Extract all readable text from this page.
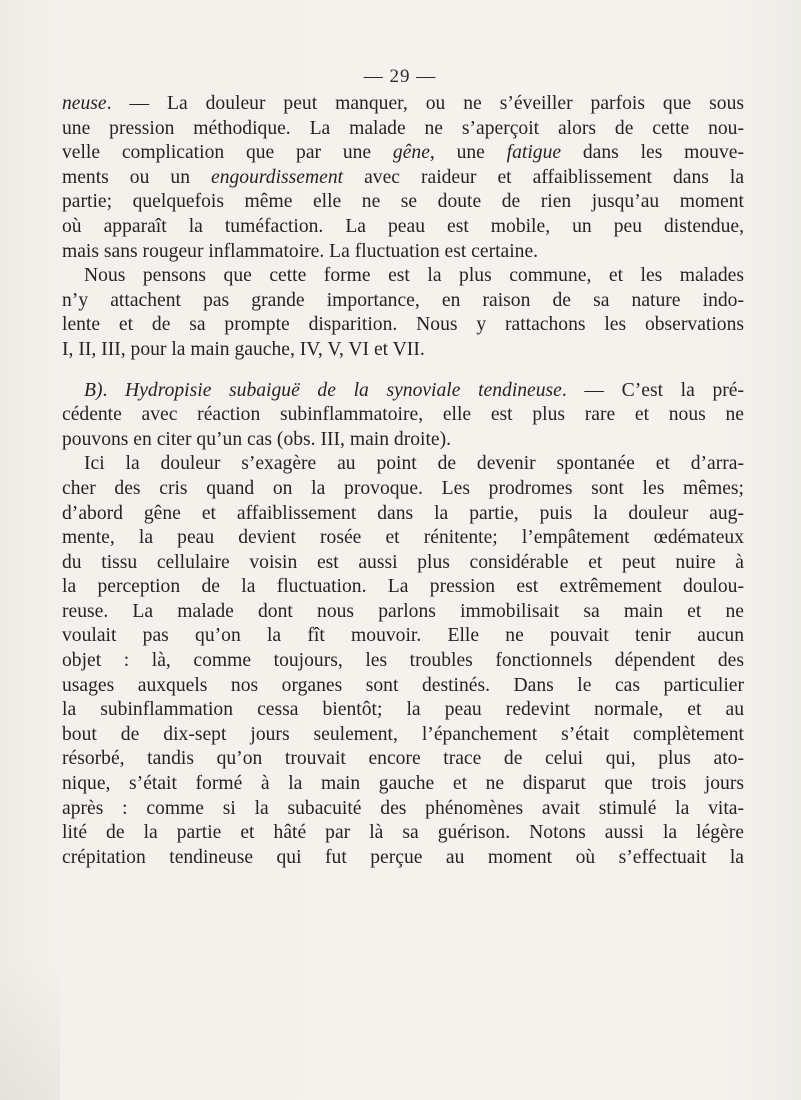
— 29 —
neuse. — La douleur peut manquer, ou ne s’éveiller parfois que sous
une pression méthodique. La malade ne s’aperçoit alors de cette nou-
velle complication que par une gêne, une fatigue dans les mouve-
ments ou un engourdissement avec raideur et affaiblissement dans la
partie; quelquefois même elle ne se doute de rien jusqu’au moment
où apparaît la tuméfaction. La peau est mobile, un peu distendue,
mais sans rougeur inflammatoire. La fluctuation est certaine.
Nous pensons que cette forme est la plus commune, et les malades
n’y attachent pas grande importance, en raison de sa nature indo-
lente et de sa prompte disparition. Nous y rattachons les observations
I, II, III, pour la main gauche, IV, V, VI et VII.
B). Hydropisie subaiguë de la synoviale tendineuse. — C’est la pré-
cédente avec réaction subinflammatoire, elle est plus rare et nous ne
pouvons en citer qu’un cas (obs. III, main droite).
Ici la douleur s’exagère au point de devenir spontanée et d’arra-
cher des cris quand on la provoque. Les prodromes sont les mêmes;
d’abord gêne et affaiblissement dans la partie, puis la douleur aug-
mente, la peau devient rosée et rénitente; l’empâtement œdémateux
du tissu cellulaire voisin est aussi plus considérable et peut nuire à
la perception de la fluctuation. La pression est extrêmement doulou-
reuse. La malade dont nous parlons immobilisait sa main et ne
voulait pas qu’on la fît mouvoir. Elle ne pouvait tenir aucun
objet : là, comme toujours, les troubles fonctionnels dépendent des
usages auxquels nos organes sont destinés. Dans le cas particulier
la subinflammation cessa bientôt; la peau redevint normale, et au
bout de dix-sept jours seulement, l’épanchement s’était complètement
résorbé, tandis qu’on trouvait encore trace de celui qui, plus ato-
nique, s’était formé à la main gauche et ne disparut que trois jours
après : comme si la subacuité des phénomènes avait stimulé la vita-
lité de la partie et hâté par là sa guérison. Notons aussi la légère
crépitation tendineuse qui fut perçue au moment où s’effectuait la
